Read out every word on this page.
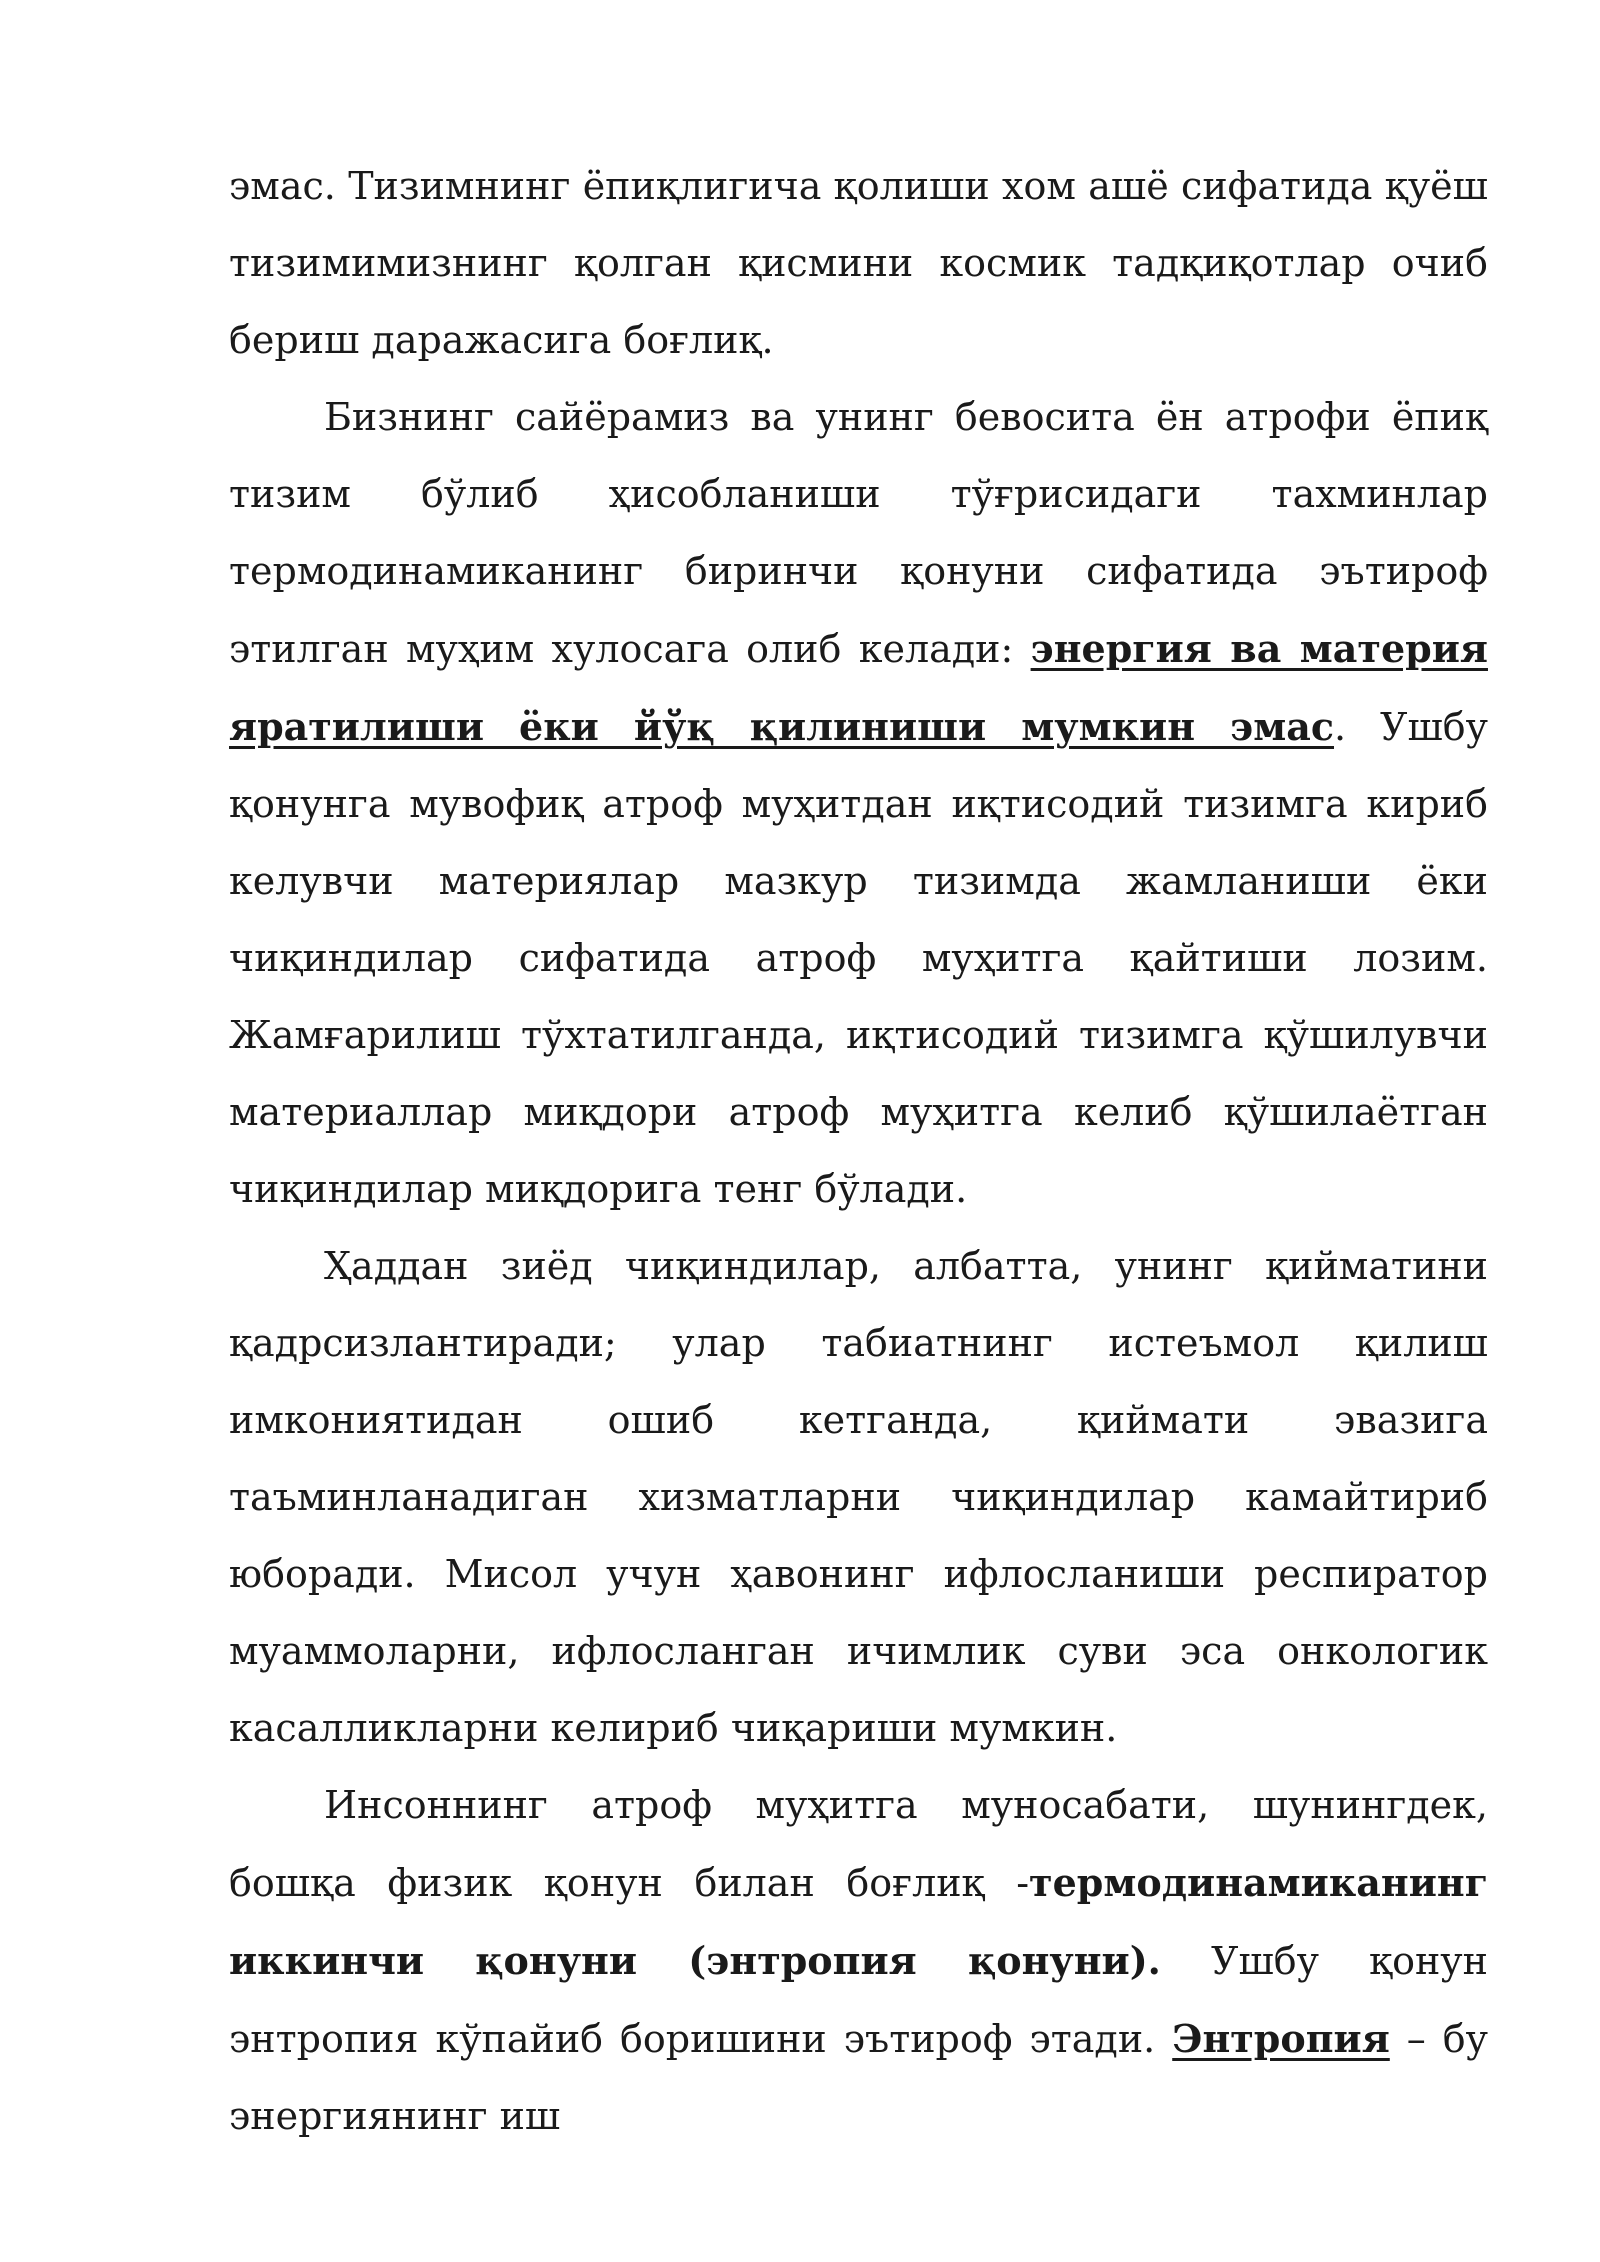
эмас. Тизимнинг ёпиқлигича қолиши хом ашё сифатида қуёш тизимимизнинг қолган қисмини космик тадқиқотлар очиб бериш даражасига боғлиқ.

Бизнинг сайёрамиз ва унинг бевосита ён атрофи ёпиқ тизим бўлиб ҳисобланиши тўғрисидаги тахминлар термодинамиканинг биринчи қонуни сифатида эътироф этилган муҳим хулосага олиб келади: энергия ва материя яратилиши ёки йўқ қилиниши мумкин эмас. Ушбу қонунга мувофиқ атроф муҳитдан иқтисодий тизимга кириб келувчи материялар мазкур тизимда жамланиши ёки чиқиндилар сифатида атроф муҳитга қайтиши лозим. Жамғарилиш тўхтатилганда, иқтисодий тизимга қўшилувчи материаллар миқдори атроф муҳитга келиб қўшилаётган чиқиндилар миқдорига тенг бўлади.

Ҳаддан зиёд чиқиндилар, албатта, унинг қийматини қадрсизлантиради; улар табиатнинг истеъмол қилиш имкониятидан ошиб кетганда, қиймати эвазига таъминланадиган хизматларни чиқиндилар камайтириб юборади. Мисол учун ҳавонинг ифлосланиши респиратор муаммоларни, ифлосланган ичимлик суви эса онкологик касалликларни келириб чиқариши мумкин.

Инсоннинг атроф муҳитга муносабати, шунингдек, бошқа физик қонун билан боғлиқ -термодинамиканинг иккинчи қонуни (энтропия қонуни). Ушбу қонун энтропия кўпайиб боришини эътироф этади. Энтропия – бу энергиянинг иш
